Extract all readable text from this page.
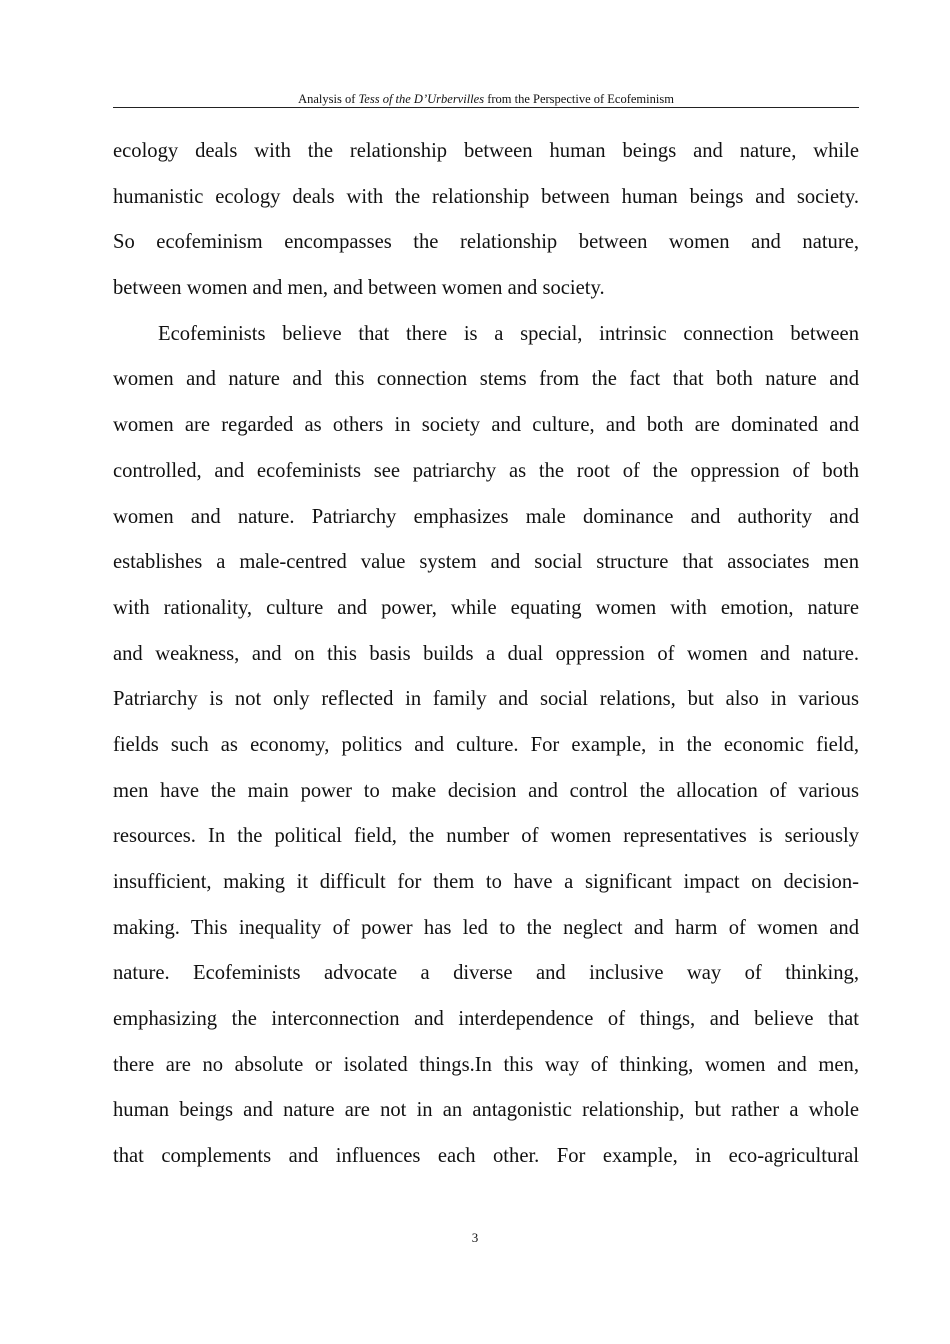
Analysis of Tess of the D’Urbervilles from the Perspective of Ecofeminism
ecology deals with the relationship between human beings and nature, while
humanistic ecology deals with the relationship between human beings and society.
So ecofeminism encompasses the relationship between women and nature,
between women and men, and between women and society.
Ecofeminists believe that there is a special, intrinsic connection between
women and nature and this connection stems from the fact that both nature and
women are regarded as others in society and culture, and both are dominated and
controlled, and ecofeminists see patriarchy as the root of the oppression of both
women and nature. Patriarchy emphasizes male dominance and authority and
establishes a male-centred value system and social structure that associates men
with rationality, culture and power, while equating women with emotion, nature
and weakness, and on this basis builds a dual oppression of women and nature.
Patriarchy is not only reflected in family and social relations, but also in various
fields such as economy, politics and culture. For example, in the economic field,
men have the main power to make decision and control the allocation of various
resources. In the political field, the number of women representatives is seriously
insufficient, making it difficult for them to have a significant impact on decision-
making. This inequality of power has led to the neglect and harm of women and
nature. Ecofeminists advocate a diverse and inclusive way of thinking,
emphasizing the interconnection and interdependence of things, and believe that
there are no absolute or isolated things.In this way of thinking, women and men,
human beings and nature are not in an antagonistic relationship, but rather a whole
that complements and influences each other. For example, in eco-agricultural
3
